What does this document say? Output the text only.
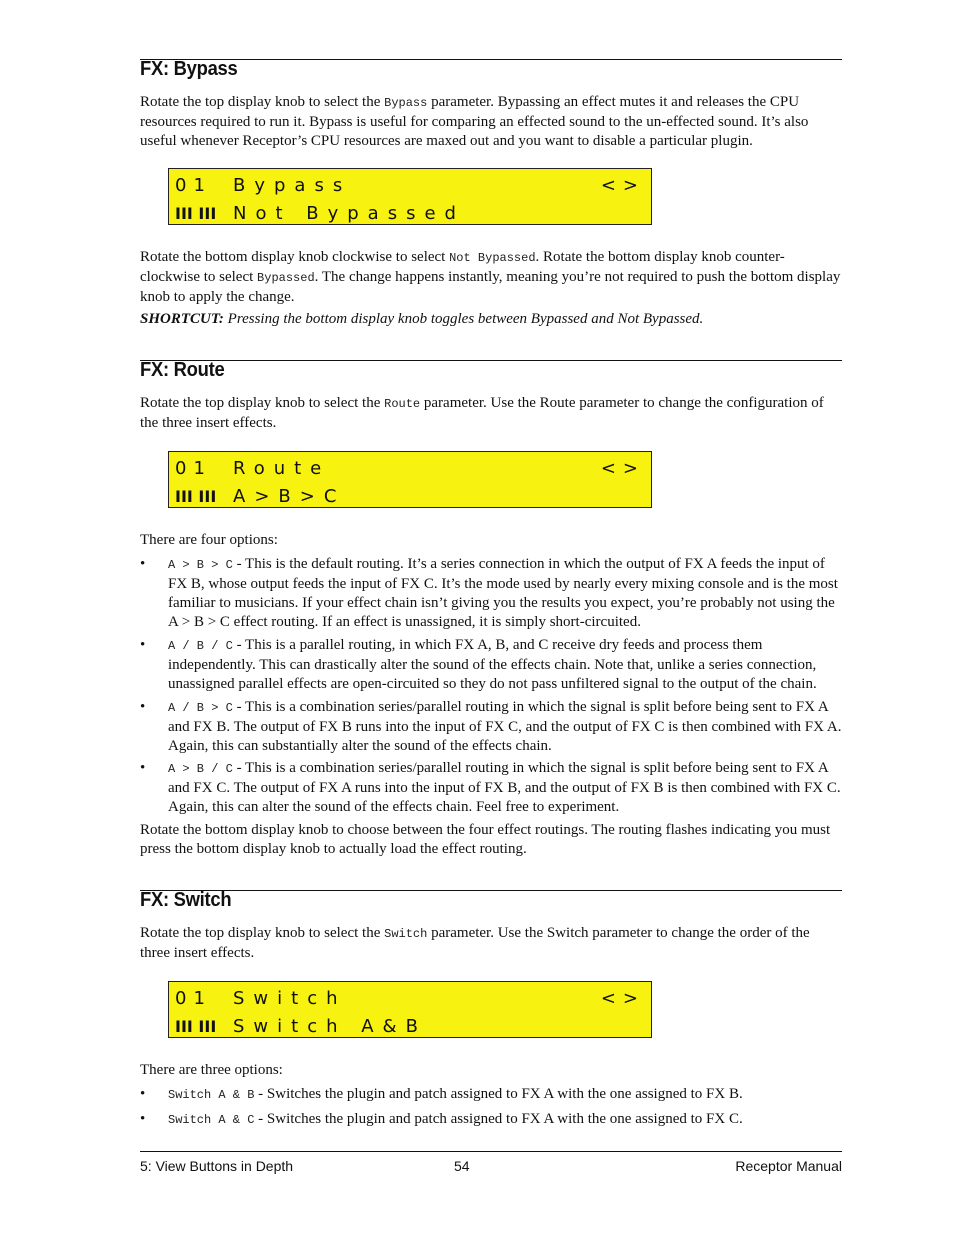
FX: Bypass

Rotate the top display knob to select the Bypass parameter. Bypassing an effect mutes it and releases the CPU resources required to run it. Bypass is useful for comparing an effected sound to the un-effected sound. It’s also useful whenever Receptor’s CPU resources are maxed out and you want to disable a particular plugin.

01 Bypass	<>
III III Not Bypassed

Rotate the bottom display knob clockwise to select Not Bypassed. Rotate the bottom display knob counter-clockwise to select Bypassed. The change happens instantly, meaning you’re not required to push the bottom display knob to apply the change.

SHORTCUT: Pressing the bottom display knob toggles between Bypassed and Not Bypassed.

FX: Route

Rotate the top display knob to select the Route parameter. Use the Route parameter to change the configuration of the three insert effects.

01 Route	<>
III III A>B>C

There are four options:

• A > B > C - This is the default routing. It’s a series connection in which the output of FX A feeds the input of FX B, whose output feeds the input of FX C. It’s the mode used by nearly every mixing console and is the most familiar to musicians. If your effect chain isn’t giving you the results you expect, you’re probably not using the A > B > C effect routing. If an effect is unassigned, it is simply short-circuited.
• A / B / C - This is a parallel routing, in which FX A, B, and C receive dry feeds and process them independently. This can drastically alter the sound of the effects chain. Note that, unlike a series connection, unassigned parallel effects are open-circuited so they do not pass unfiltered signal to the output of the chain.
• A / B > C - This is a combination series/parallel routing in which the signal is split before being sent to FX A and FX B. The output of FX B runs into the input of FX C, and the output of FX C is then combined with FX A. Again, this can substantially alter the sound of the effects chain.
• A > B / C - This is a combination series/parallel routing in which the signal is split before being sent to FX A and FX C. The output of FX A runs into the input of FX B, and the output of FX B is then combined with FX C. Again, this can alter the sound of the effects chain. Feel free to experiment.

Rotate the bottom display knob to choose between the four effect routings. The routing flashes indicating you must press the bottom display knob to actually load the effect routing.

FX: Switch

Rotate the top display knob to select the Switch parameter. Use the Switch parameter to change the order of the three insert effects.

01 Switch	<>
III III Switch A&B

There are three options:

• Switch A & B - Switches the plugin and patch assigned to FX A with the one assigned to FX B.
• Switch A & C - Switches the plugin and patch assigned to FX A with the one assigned to FX C.
5: View Buttons in Depth	54	Receptor Manual
